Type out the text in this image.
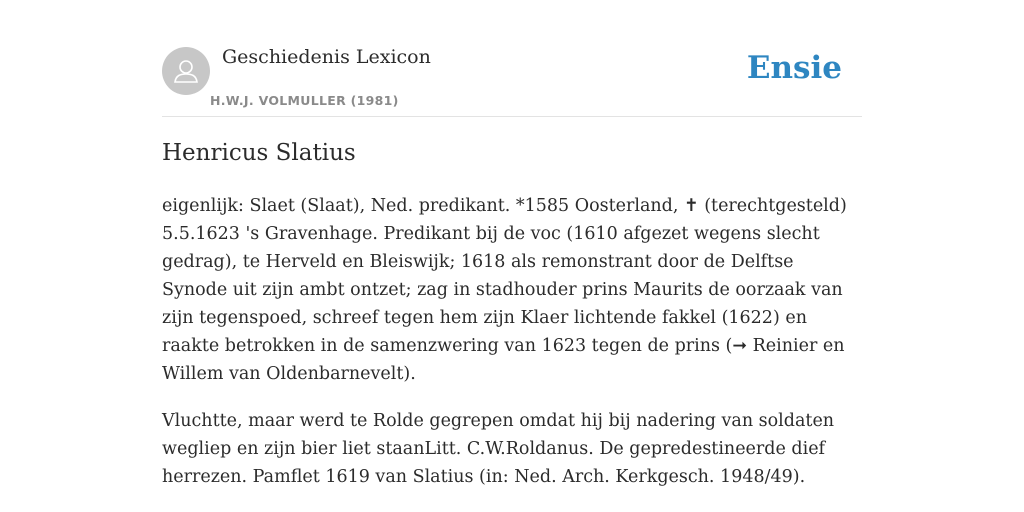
Geschiedenis Lexicon
H.W.J. VOLMULLER (1981)
Ensie
Henricus Slatius

eigenlijk: Slaet (Slaat), Ned. predikant. *1585 Oosterland, ✝ (terechtgesteld) 5.5.1623 's Gravenhage. Predikant bij de voc (1610 afgezet wegens slecht gedrag), te Herveld en Bleiswijk; 1618 als remonstrant door de Delftse Synode uit zijn ambt ontzet; zag in stadhouder prins Maurits de oorzaak van zijn tegenspoed, schreef tegen hem zijn Klaer lichtende fakkel (1622) en raakte betrokken in de samenzwering van 1623 tegen de prins (➞ Reinier en Willem van Oldenbarnevelt).

Vluchtte, maar werd te Rolde gegrepen omdat hij bij nadering van soldaten wegliep en zijn bier liet staanLitt. C.W.Roldanus. De gepredestineerde dief herrezen. Pamflet 1619 van Slatius (in: Ned. Arch. Kerkgesch. 1948/49).
